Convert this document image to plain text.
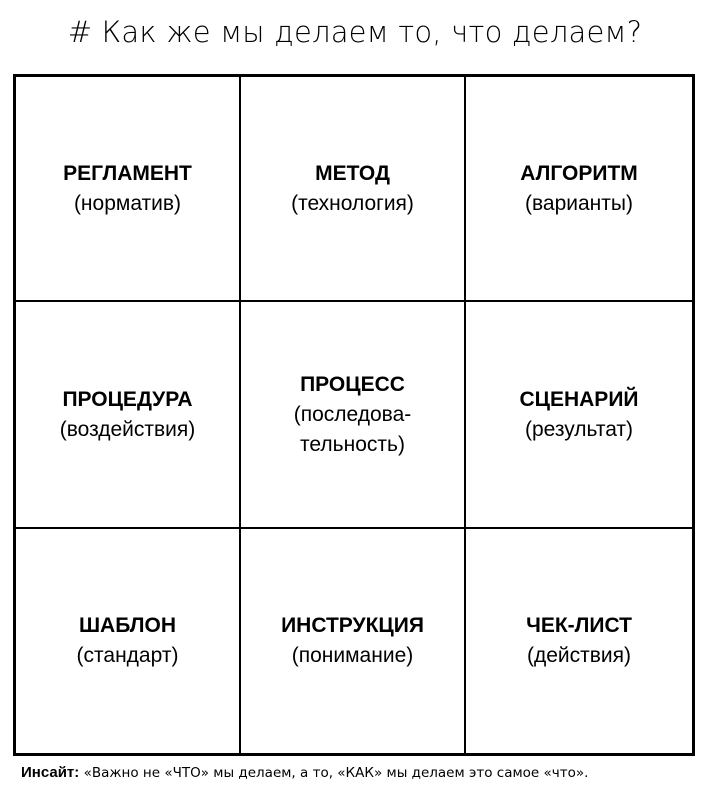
# Как же мы делаем то, что делаем?
РЕГЛАМЕНТ
(норматив)
МЕТОД
(технология)
АЛГОРИТМ
(варианты)
ПРОЦЕДУРА
(воздействия)
ПРОЦЕСС
(последова-
тельность)
СЦЕНАРИЙ
(результат)
ШАБЛОН
(стандарт)
ИНСТРУКЦИЯ
(понимание)
ЧЕК-ЛИСТ
(действия)
Инсайт: «Важно не «ЧТО» мы делаем, а то, «КАК» мы делаем это самое «что».
